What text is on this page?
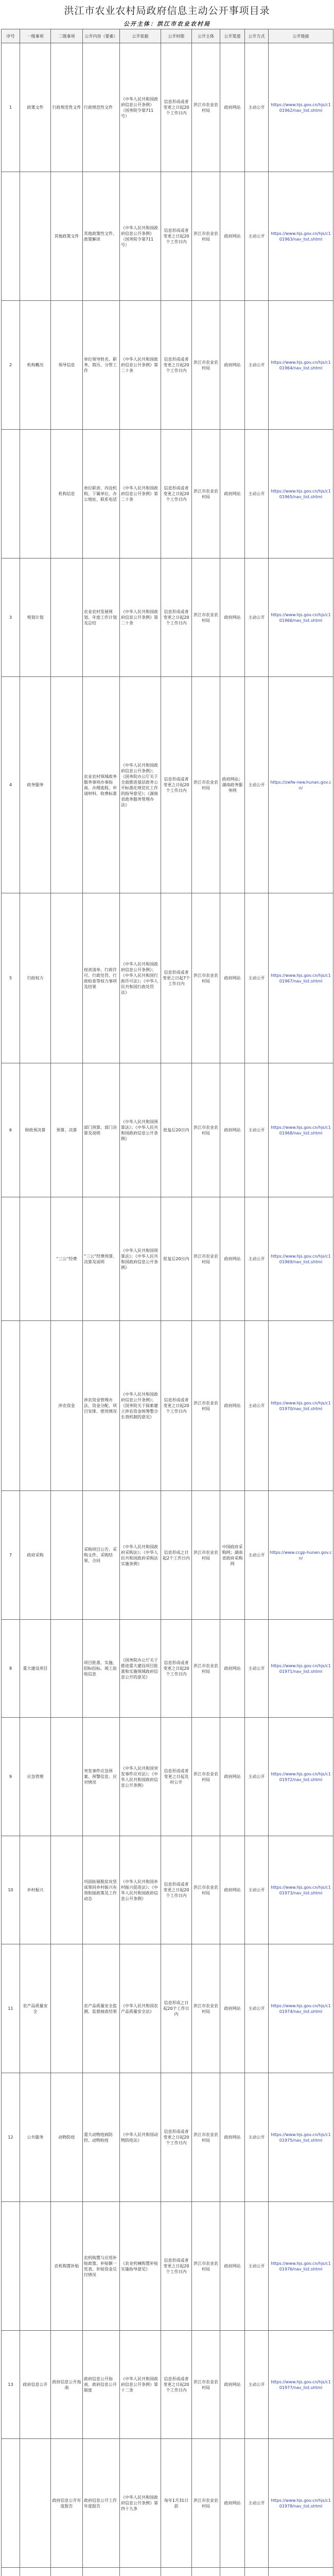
洪江市农业农村局政府信息主动公开事项目录
公开主体：洪江市农业农村局
序号	一级事项	二级事项	公开内容（要素）	公开依据	公开时限	公开主体	公开渠道	公开方式	公开链接
1	政策文件	行政规范性文件	行政规范性文件	《中华人民共和国政府信息公开条例》（国务院令第711号）	信息形成或者变更之日起20个工作日内	洪江市农业农村局	政府网站	主动公开	https://www.hjs.gov.cn/hjs/c101962/nav_list.shtml
		其他政策文件	其他政策性文件、政策解读	《中华人民共和国政府信息公开条例》（国务院令第711号）	信息形成或者变更之日起20个工作日内	洪江市农业农村局	政府网站	主动公开	https://www.hjs.gov.cn/hjs/c101963/nav_list.shtml
2	机构概况	领导信息	单位领导姓名、职务、简历、分管工作	《中华人民共和国政府信息公开条例》第二十条	信息形成或者变更之日起20个工作日内	洪江市农业农村局	政府网站	主动公开	https://www.hjs.gov.cn/hjs/c101964/nav_list.shtml
		机构信息	单位职责、内设机构、下属单位、办公地址、联系电话	《中华人民共和国政府信息公开条例》第二十条	信息形成或者变更之日起20个工作日内	洪江市农业农村局	政府网站	主动公开	https://www.hjs.gov.cn/hjs/c101965/nav_list.shtml
3	规划计划		农业农村发展规划、年度工作计划及总结	《中华人民共和国政府信息公开条例》第二十条	信息形成或者变更之日起20个工作日内	洪江市农业农村局	政府网站	主动公开	https://www.hjs.gov.cn/hjs/c101966/nav_list.shtml
4	政务服务		农业农村领域政务服务事项办事指南、办理流程、申请材料、收费标准	《中华人民共和国政府信息公开条例》；《国务院办公厅关于全面推进基层政务公开标准化规范化工作的指导意见》；《湖南省政务服务管理办法》	信息形成或者变更之日起20个工作日内	洪江市农业农村局	政府网站；湖南政务服务网	主动公开	https://zwfw-new.hunan.gov.cn/
5	行政权力		权责清单、行政许可、行政处罚、行政检查等权力事项及结果	《中华人民共和国政府信息公开条例》；《中华人民共和国行政许可法》；《中华人民共和国行政处罚法》	信息形成或者变更之日起7个工作日内	洪江市农业农村局	政府网站	主动公开	https://www.hjs.gov.cn/hjs/c101967/nav_list.shtml
6	财政预决算	预算、决算	部门预算、部门决算及说明	《中华人民共和国预算法》；《中华人民共和国政府信息公开条例》	批复后20日内	洪江市农业农村局	政府网站	主动公开	https://www.hjs.gov.cn/hjs/c101968/nav_list.shtml
		“三公”经费	“三公”经费预算、决算及说明	《中华人民共和国预算法》；《中华人民共和国政府信息公开条例》	批复后20日内	洪江市农业农村局	政府网站	主动公开	https://www.hjs.gov.cn/hjs/c101969/nav_list.shtml
		涉农资金	涉农资金管理办法、资金分配、项目安排、使用情况	《中华人民共和国政府信息公开条例》；《国务院关于探索建立涉农资金统筹整合长效机制的意见》	信息形成或者变更之日起20个工作日内	洪江市农业农村局	政府网站	主动公开	https://www.hjs.gov.cn/hjs/c101970/nav_list.shtml
7	政府采购		采购项目公告、采购文件、采购结果、合同	《中华人民共和国政府采购法》；《中华人民共和国政府采购法实施条例》	信息形成之日起2个工作日内	洪江市农业农村局	中国政府采购网；湖南省政府采购网	主动公开	https://www.ccgp-hunan.gov.cn/
8	重大建设项目		项目批准、实施、招标投标、竣工验收信息	《国务院办公厅关于推进重大建设项目批准和实施领域政府信息公开的意见》	信息形成或者变更之日起20个工作日内	洪江市农业农村局	政府网站	主动公开	https://www.hjs.gov.cn/hjs/c101971/nav_list.shtml
9	应急管理		突发事件应急预案、预警信息、应对情况	《中华人民共和国突发事件应对法》；《中华人民共和国政府信息公开条例》	信息形成或者变更之日起及时公开	洪江市农业农村局	政府网站	主动公开	https://www.hjs.gov.cn/hjs/c101972/nav_list.shtml
10	乡村振兴		巩固拓展脱贫攻坚成果同乡村振兴有效衔接政策及工作动态	《中华人民共和国乡村振兴促进法》；《中华人民共和国政府信息公开条例》	信息形成或者变更之日起20个工作日内	洪江市农业农村局	政府网站	主动公开	https://www.hjs.gov.cn/hjs/c101973/nav_list.shtml
11	农产品质量安全		农产品质量安全监测、监督抽查结果	《中华人民共和国农产品质量安全法》	信息形成之日起20个工作日内	洪江市农业农村局	政府网站	主动公开	https://www.hjs.gov.cn/hjs/c101974/nav_list.shtml
12	公共服务	动物防疫	重大动物疫病防控、动物检疫	《中华人民共和国动物防疫法》	信息形成或者变更之日起20个工作日内	洪江市农业农村局	政府网站	主动公开	https://www.hjs.gov.cn/hjs/c101975/nav_list.shtml
		农机购置补贴	农机购置与应用补贴政策、补贴额一览表、补贴资金兑付情况	《农业机械购置补贴实施指导意见》	信息形成或者变更之日起20个工作日内	洪江市农业农村局	政府网站	主动公开	https://www.hjs.gov.cn/hjs/c101976/nav_list.shtml
13	政府信息公开	政府信息公开指南	政府信息公开指南、政府信息公开制度	《中华人民共和国政府信息公开条例》第十二条	信息形成或者变更之日起20个工作日内	洪江市农业农村局	政府网站	主动公开	https://www.hjs.gov.cn/hjs/c101977/nav_list.shtml
		政府信息公开年度报告	政府信息公开工作年度报告	《中华人民共和国政府信息公开条例》第四十九条	每年1月31日前	洪江市农业农村局	政府网站	主动公开	https://www.hjs.gov.cn/hjs/c101978/nav_list.shtml
